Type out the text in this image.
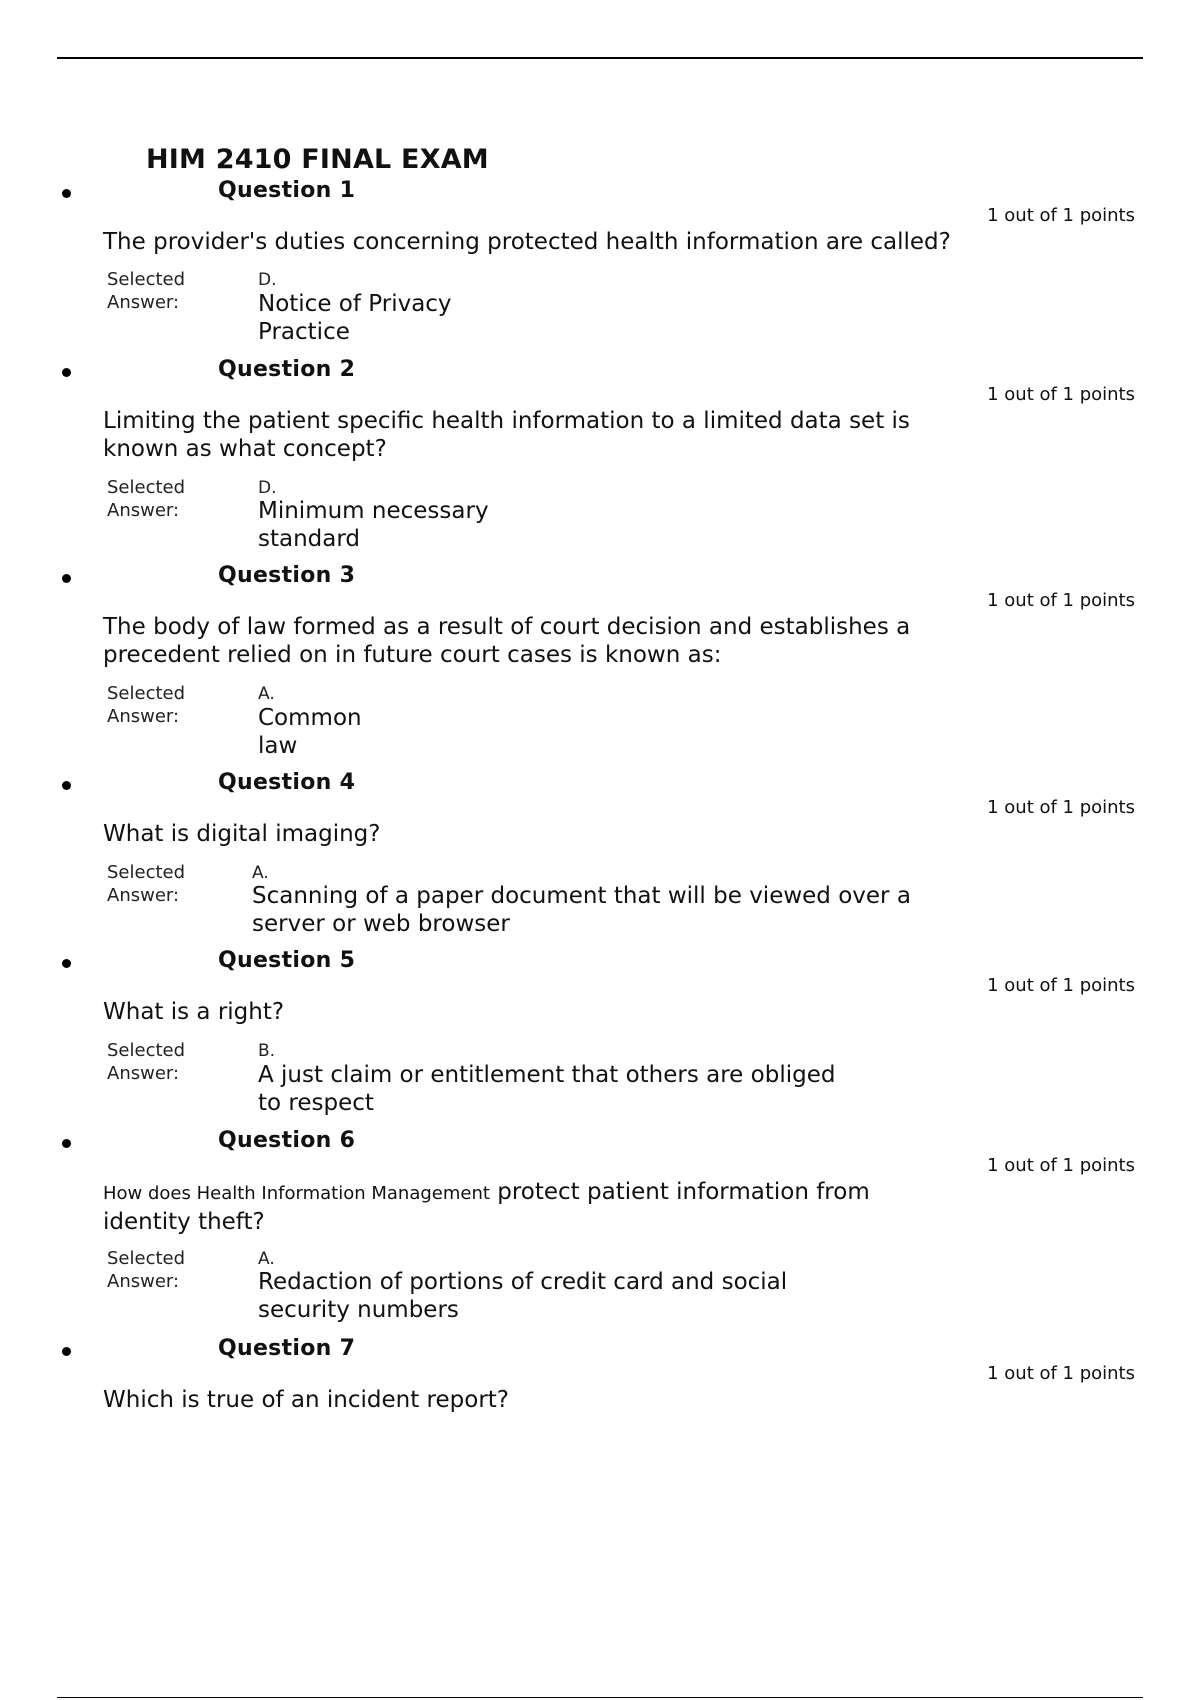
HIM 2410 FINAL EXAM
Question 1
1 out of 1 points
The provider's duties concerning protected health information are called?
Selected
Answer:
D.
Notice of Privacy
Practice
Question 2
1 out of 1 points
Limiting the patient specific health information to a limited data set is
known as what concept?
Selected
Answer:
D.
Minimum necessary
standard
Question 3
1 out of 1 points
The body of law formed as a result of court decision and establishes a
precedent relied on in future court cases is known as:
Selected
Answer:
A.
Common
law
Question 4
1 out of 1 points
What is digital imaging?
Selected
Answer:
A.
Scanning of a paper document that will be viewed over a
server or web browser
Question 5
1 out of 1 points
What is a right?
Selected
Answer:
B.
A just claim or entitlement that others are obliged
to respect
Question 6
1 out of 1 points
How does Health Information Management protect patient information from
identity theft?
Selected
Answer:
A.
Redaction of portions of credit card and social
security numbers
Question 7
1 out of 1 points
Which is true of an incident report?
